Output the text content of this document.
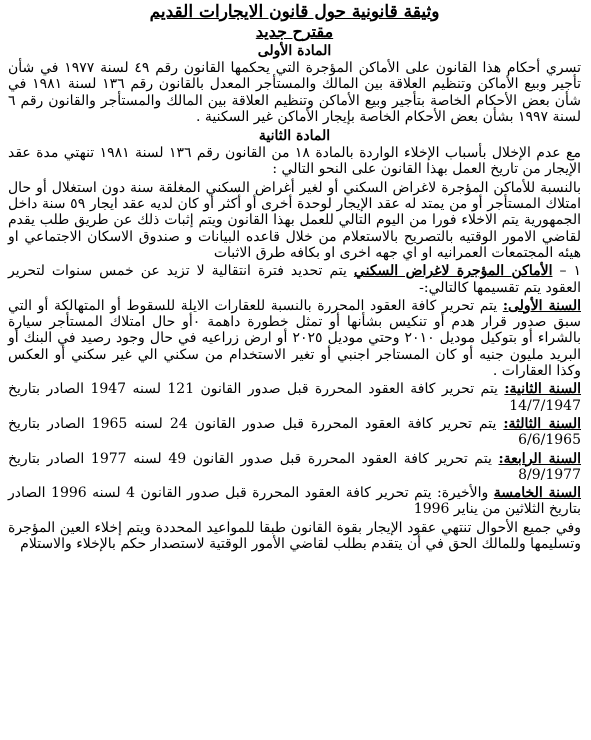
وثيقة قانونية حول قانون الايجارات القديم

مقترح جديد

المادة الأولى

تسري أحكام هذا القانون على الأماكن المؤجرة التي يحكمها القانون رقم ٤٩ لسنة ١٩٧٧ في شأن تأجير وبيع الأماكن وتنظيم العلاقة بين المالك والمستأجر المعدل بالقانون رقم ١٣٦ لسنة ١٩٨١ في شأن بعض الأحكام الخاصة بتأجير وبيع الأماكن وتنظيم العلاقة بين المالك والمستأجر والقانون رقم ٦ لسنة ١٩٩٧ بشأن بعض الأحكام الخاصة بإيجار الأماكن غير السكنية .

المادة الثانية

مع عدم الإخلال بأسباب الإخلاء الواردة بالمادة ١٨ من القانون رقم ١٣٦ لسنة ١٩٨١ تنهتي مدة عقد الإيجار من تاريخ العمل بهذا القانون على النحو التالي :

بالنسبة للأماكن المؤجرة لاغراض السكني أو لغير أغراض السكني المغلقة سنة دون استغلال أو حال امتلاك المستأجر أو من يمتد له عقد الإيجار لوحدة أخرى أو أكثر أو كان لديه عقد ايجار ٥٩ سنة داخل الجمهورية يتم الاخلاء فورا من اليوم التالي للعمل بهذا القانون ويتم إثبات ذلك عن طريق طلب يقدم لقاضي الامور الوقتيه بالتصريح بالاستعلام من خلال قاعده البيانات و صندوق الاسكان الاجتماعي او هيئه المجتمعات العمرانيه او اي جهه اخرى او بكافه طرق الاثبات

١ – الأماكن المؤجرة لاغراض السكني يتم تحديد فترة انتقالية لا تزيد عن خمس سنوات لتحرير العقود يتم تقسيمها كالتالي:-

السنة الأولى: يتم تحرير كافة العقود المحررة بالنسبة للعقارات الايلة للسقوط أو المتهالكة أو التي سبق صدور قرار هدم أو تنكيس بشأنها أو تمثل خطورة داهمة ٠أو حال امتلاك المستأجر سيارة بالشراء أو بتوكيل موديل ٢٠١٠ وحتي موديل ٢٠٢٥ أو ارض زراعيه في حال وجود رصيد في البنك أو البريد مليون جنيه أو كان المستاجر اجنبي أو تغير الاستخدام من سكني الي غير سكني أو العكس وكذا العقارات .

السنة الثانية: يتم تحرير كافة العقود المحررة قبل صدور القانون 121 لسنه 1947 الصادر بتاريخ 14/7/1947

السنة الثالثة: يتم تحرير كافة العقود المحررة قبل صدور القانون 24 لسنه 1965 الصادر بتاريخ 6/6/1965

السنة الرابعة: يتم تحرير كافة العقود المحررة قبل صدور القانون 49 لسنه 1977 الصادر بتاريخ 8/9/1977

السنة الخامسة والأخيرة: يتم تحرير كافة العقود المحررة قبل صدور القانون 4 لسنه 1996 الصادر بتاريخ الثلاثين من يناير 1996

وفي جميع الأحوال تنتهي عقود الإيجار بقوة القانون طبقا للمواعيد المحددة ويتم إخلاء العين المؤجرة وتسليمها وللمالك الحق في أن يتقدم بطلب لقاضي الأمور الوقتية لاستصدار حكم بالإخلاء والاستلام
